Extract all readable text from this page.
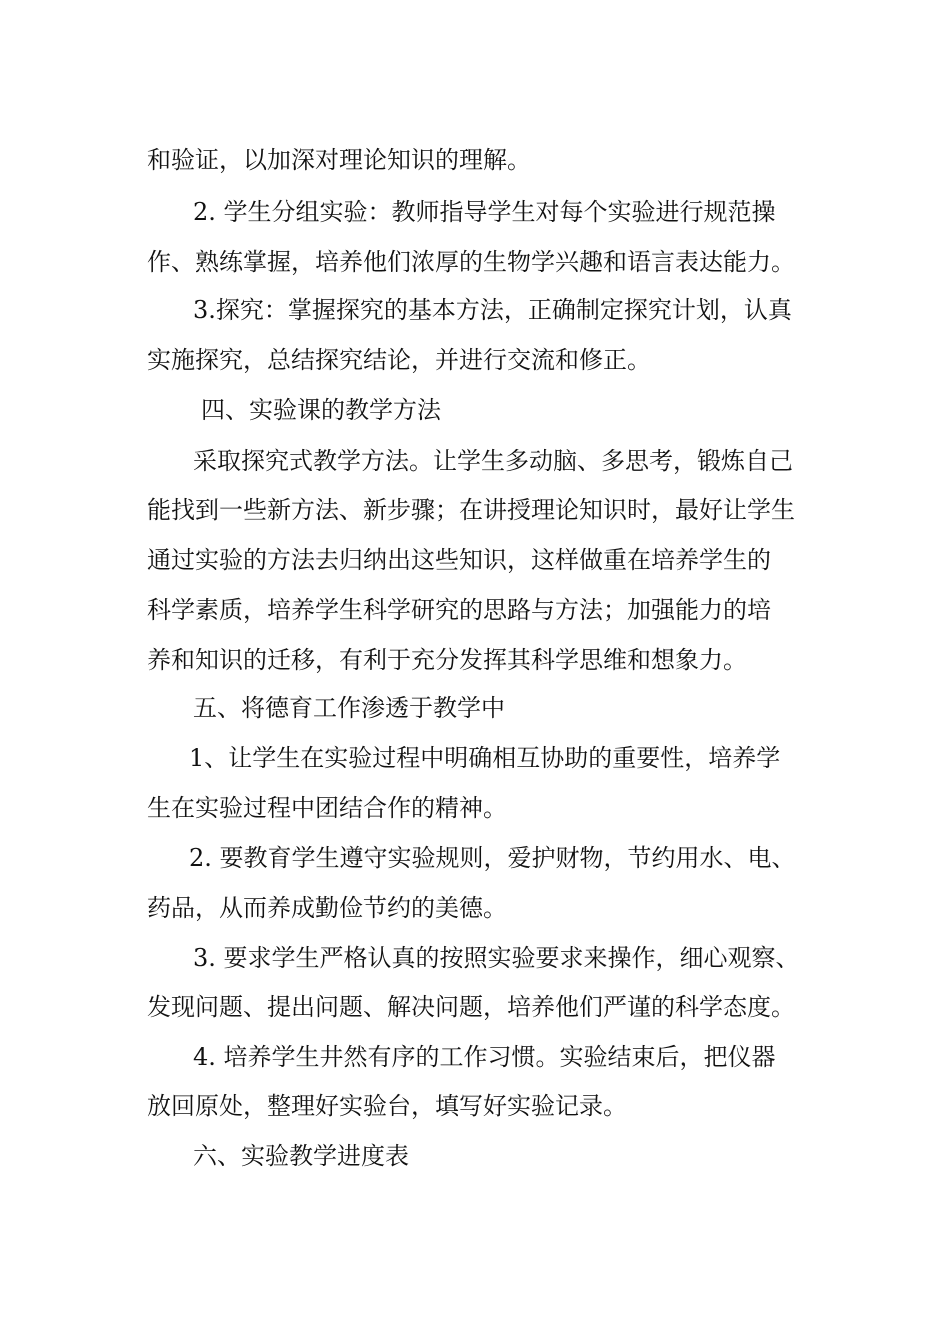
和验证，以加深对理论知识的理解。
2. 学生分组实验：教师指导学生对每个实验进行规范操
作、熟练掌握，培养他们浓厚的生物学兴趣和语言表达能力。
3.探究：掌握探究的基本方法，正确制定探究计划，认真
实施探究，总结探究结论，并进行交流和修正。
四、实验课的教学方法
采取探究式教学方法。让学生多动脑、多思考，锻炼自己
能找到一些新方法、新步骤；在讲授理论知识时，最好让学生
通过实验的方法去归纳出这些知识，这样做重在培养学生的
科学素质，培养学生科学研究的思路与方法；加强能力的培
养和知识的迁移，有利于充分发挥其科学思维和想象力。
五、将德育工作渗透于教学中
1、让学生在实验过程中明确相互协助的重要性，培养学
生在实验过程中团结合作的精神。
2. 要教育学生遵守实验规则，爱护财物，节约用水、电、
药品，从而养成勤俭节约的美德。
3. 要求学生严格认真的按照实验要求来操作，细心观察、
发现问题、提出问题、解决问题，培养他们严谨的科学态度。
4. 培养学生井然有序的工作习惯。实验结束后，把仪器
放回原处，整理好实验台，填写好实验记录。
六、实验教学进度表
